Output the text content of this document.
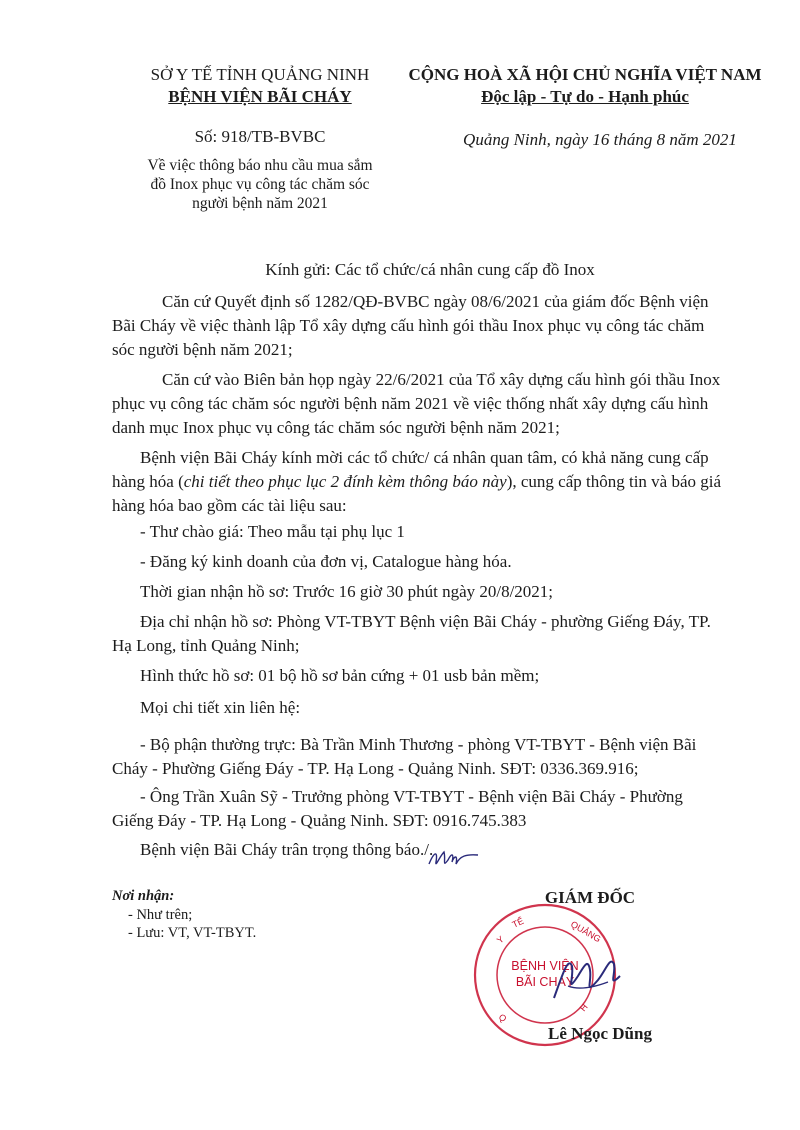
SỞ Y TẾ TỈNH QUẢNG NINH
BỆNH VIỆN BÃI CHÁY
Số: 918/TB-BVBC
Về việc thông báo nhu cầu mua sắm
đồ Inox phục vụ công tác chăm sóc
người bệnh năm 2021
CỘNG HOÀ XÃ HỘI CHỦ NGHĨA VIỆT NAM
Độc lập - Tự do - Hạnh phúc
Quảng Ninh, ngày 16 tháng 8 năm 2021
Kính gửi: Các tổ chức/cá nhân cung cấp đồ Inox
Căn cứ Quyết định số 1282/QĐ-BVBC ngày 08/6/2021 của giám đốc Bệnh viện Bãi Cháy về việc thành lập Tổ xây dựng cấu hình gói thầu Inox phục vụ công tác chăm sóc người bệnh năm 2021;
Căn cứ vào Biên bản họp ngày 22/6/2021 của Tổ xây dựng cấu hình gói thầu Inox phục vụ công tác chăm sóc người bệnh năm 2021 về việc thống nhất xây dựng cấu hình danh mục Inox phục vụ công tác chăm sóc người bệnh năm 2021;
Bệnh viện Bãi Cháy kính mời các tổ chức/ cá nhân quan tâm, có khả năng cung cấp hàng hóa (chi tiết theo phục lục 2 đính kèm thông báo này), cung cấp thông tin và báo giá hàng hóa bao gồm các tài liệu sau:
- Thư chào giá: Theo mẫu tại phụ lục 1
- Đăng ký kinh doanh của đơn vị, Catalogue hàng hóa.
Thời gian nhận hồ sơ: Trước 16 giờ 30 phút ngày 20/8/2021;
Địa chỉ nhận hồ sơ: Phòng VT-TBYT Bệnh viện Bãi Cháy - phường Giếng Đáy, TP. Hạ Long, tỉnh Quảng Ninh;
Hình thức hồ sơ: 01 bộ hồ sơ bản cứng + 01 usb bản mềm;
Mọi chi tiết xin liên hệ:
- Bộ phận thường trực: Bà Trần Minh Thương - phòng VT-TBYT - Bệnh viện Bãi Cháy - Phường Giếng Đáy - TP. Hạ Long - Quảng Ninh. SĐT: 0336.369.916;
- Ông Trần Xuân Sỹ - Trưởng phòng VT-TBYT - Bệnh viện Bãi Cháy - Phường Giếng Đáy - TP. Hạ Long - Quảng Ninh. SĐT: 0916.745.383
Bệnh viện Bãi Cháy trân trọng thông báo./.
Nơi nhận:
- Như trên;
- Lưu: VT, VT-TBYT.
GIÁM ĐỐC
Y
TẾ	QUẢNG
Q
H
BỆNH VIỆN
BÃI CHÁY
Lê Ngọc Dũng
